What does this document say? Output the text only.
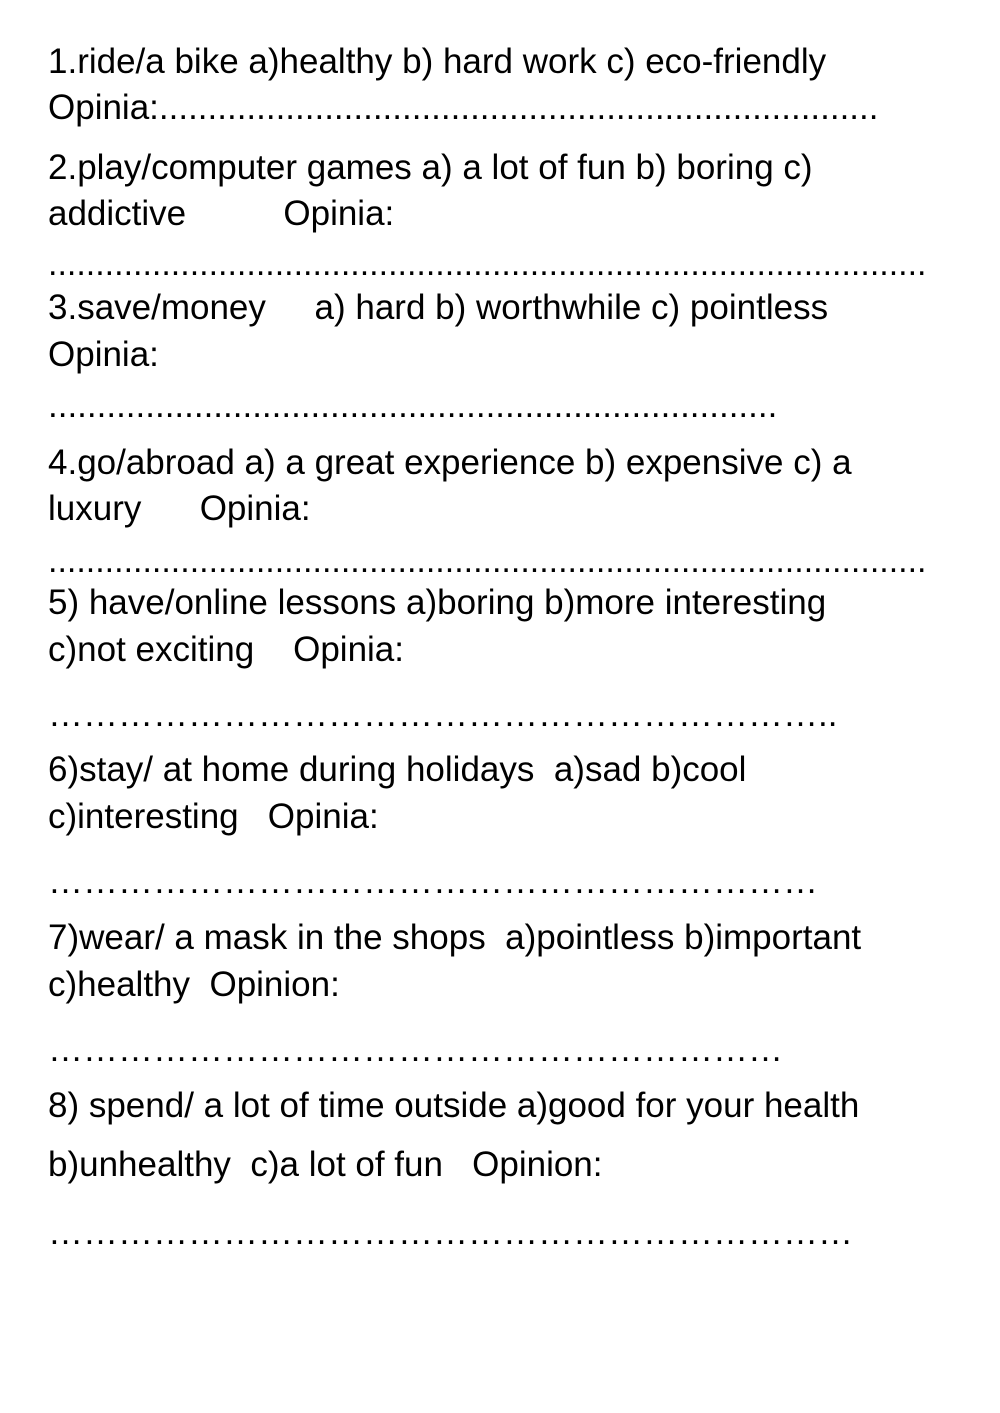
1.ride/a bike a)healthy b) hard work c) eco-friendly

Opinia:..........................................................................

2.play/computer games a) a lot of fun b) boring c)

addictive          Opinia:

.............................................................................................

3.save/money     a) hard b) worthwhile c) pointless

Opinia:

...........................................................................

4.go/abroad a) a great experience b) expensive c) a

luxury      Opinia:

.............................................................................................

5) have/online lessons a)boring b)more interesting

c)not exciting    Opinia:

…………………………………………………………..

6)stay/ at home during holidays  a)sad b)cool

c)interesting   Opinia:

…………………………………………………………

7)wear/ a mask in the shops  a)pointless b)important

c)healthy  Opinion:

………………………………………………………

8) spend/ a lot of time outside a)good for your health

b)unhealthy  c)a lot of fun   Opinion:

……………………………………………………………
